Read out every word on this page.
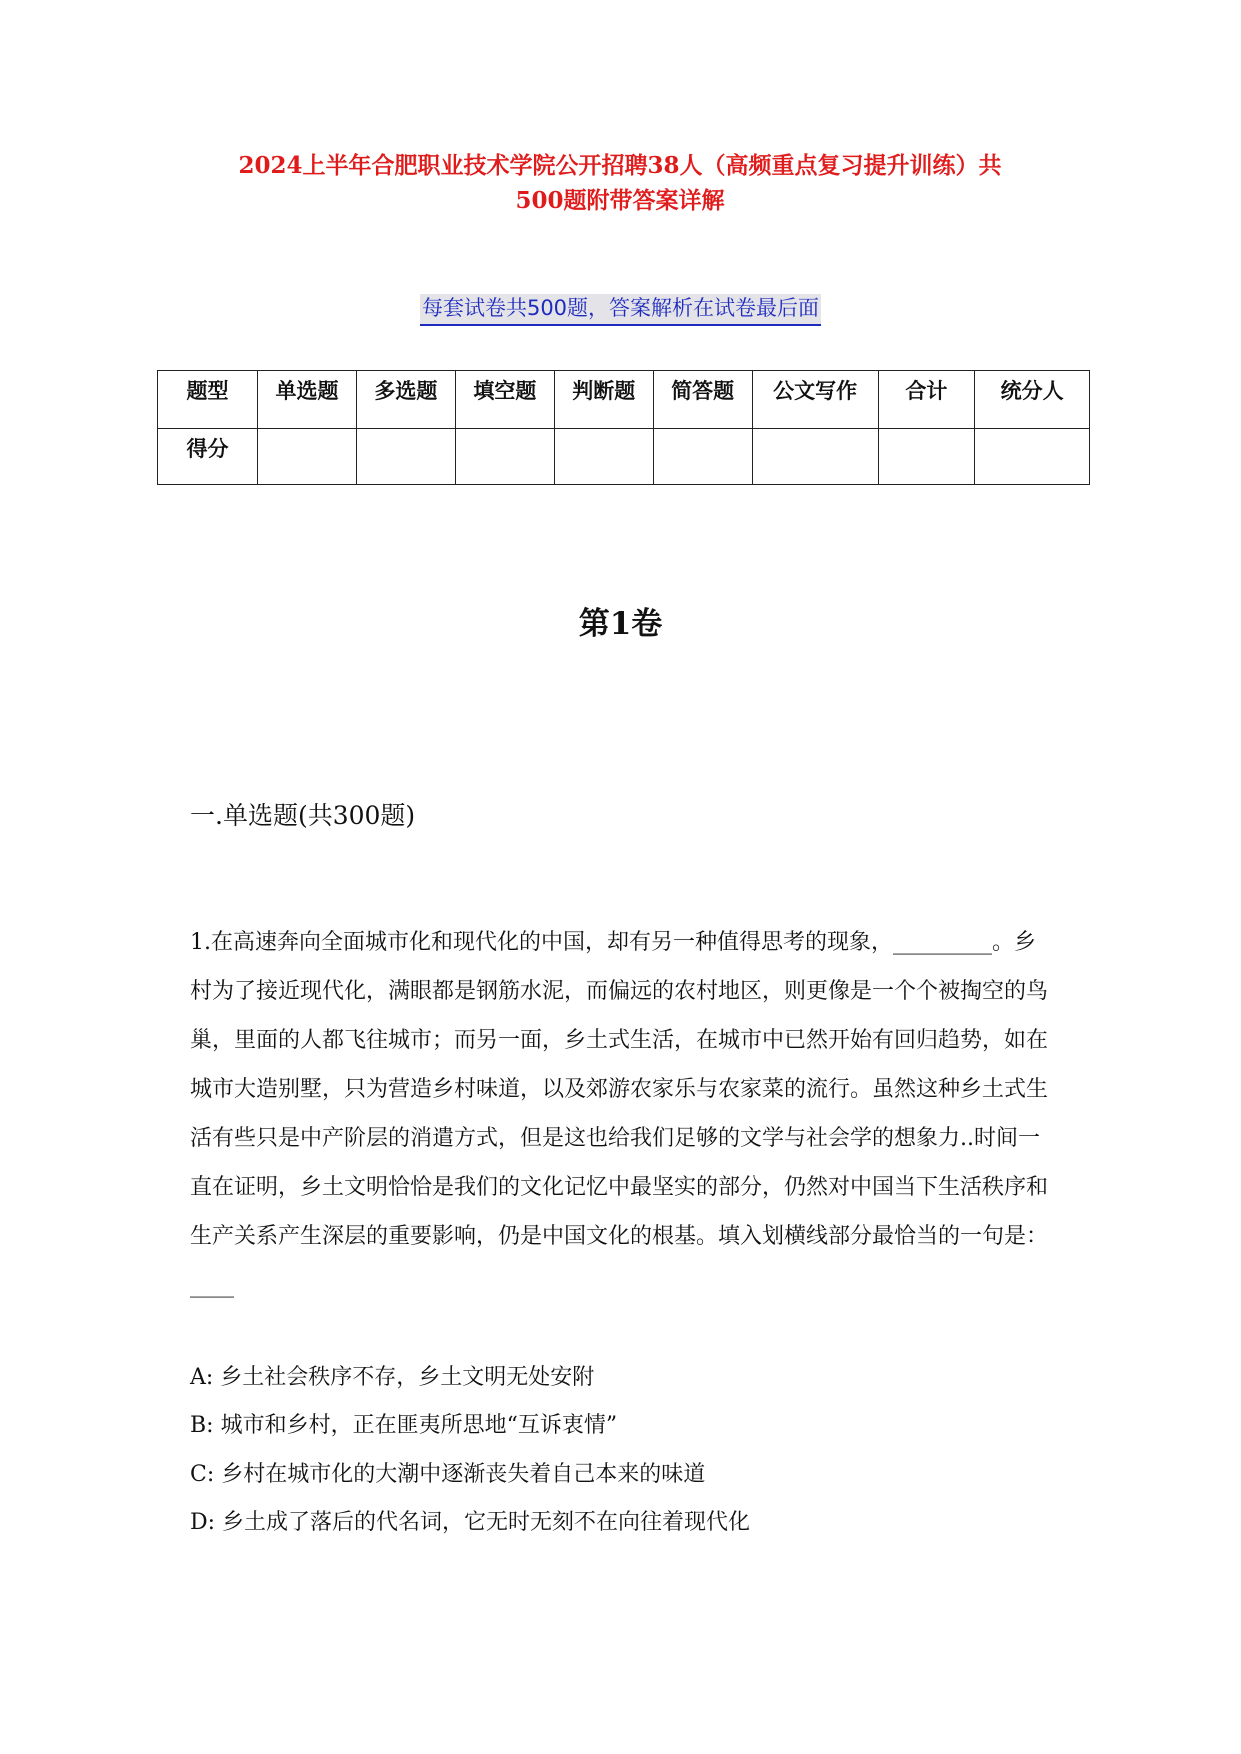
2024上半年合肥职业技术学院公开招聘38人（高频重点复习提升训练）共
500题附带答案详解
每套试卷共500题，答案解析在试卷最后面
题型	单选题	多选题	填空题	判断题	简答题	公文写作	合计	统分人
得分								
第1卷
一.单选题(共300题)
1.在高速奔向全面城市化和现代化的中国，却有另一种值得思考的现象，_________。乡村为了接近现代化，满眼都是钢筋水泥，而偏远的农村地区，则更像是一个个被掏空的鸟巢，里面的人都飞往城市；而另一面，乡土式生活，在城市中已然开始有回归趋势，如在城市大造别墅，只为营造乡村味道，以及郊游农家乐与农家菜的流行。虽然这种乡土式生活有些只是中产阶层的消遣方式，但是这也给我们足够的文学与社会学的想象力..时间一直在证明，乡土文明恰恰是我们的文化记忆中最坚实的部分，仍然对中国当下生活秩序和生产关系产生深层的重要影响，仍是中国文化的根基。填入划横线部分最恰当的一句是：____
A: 乡土社会秩序不存，乡土文明无处安附
B: 城市和乡村，正在匪夷所思地“互诉衷情”
C: 乡村在城市化的大潮中逐渐丧失着自己本来的味道
D: 乡土成了落后的代名词，它无时无刻不在向往着现代化
